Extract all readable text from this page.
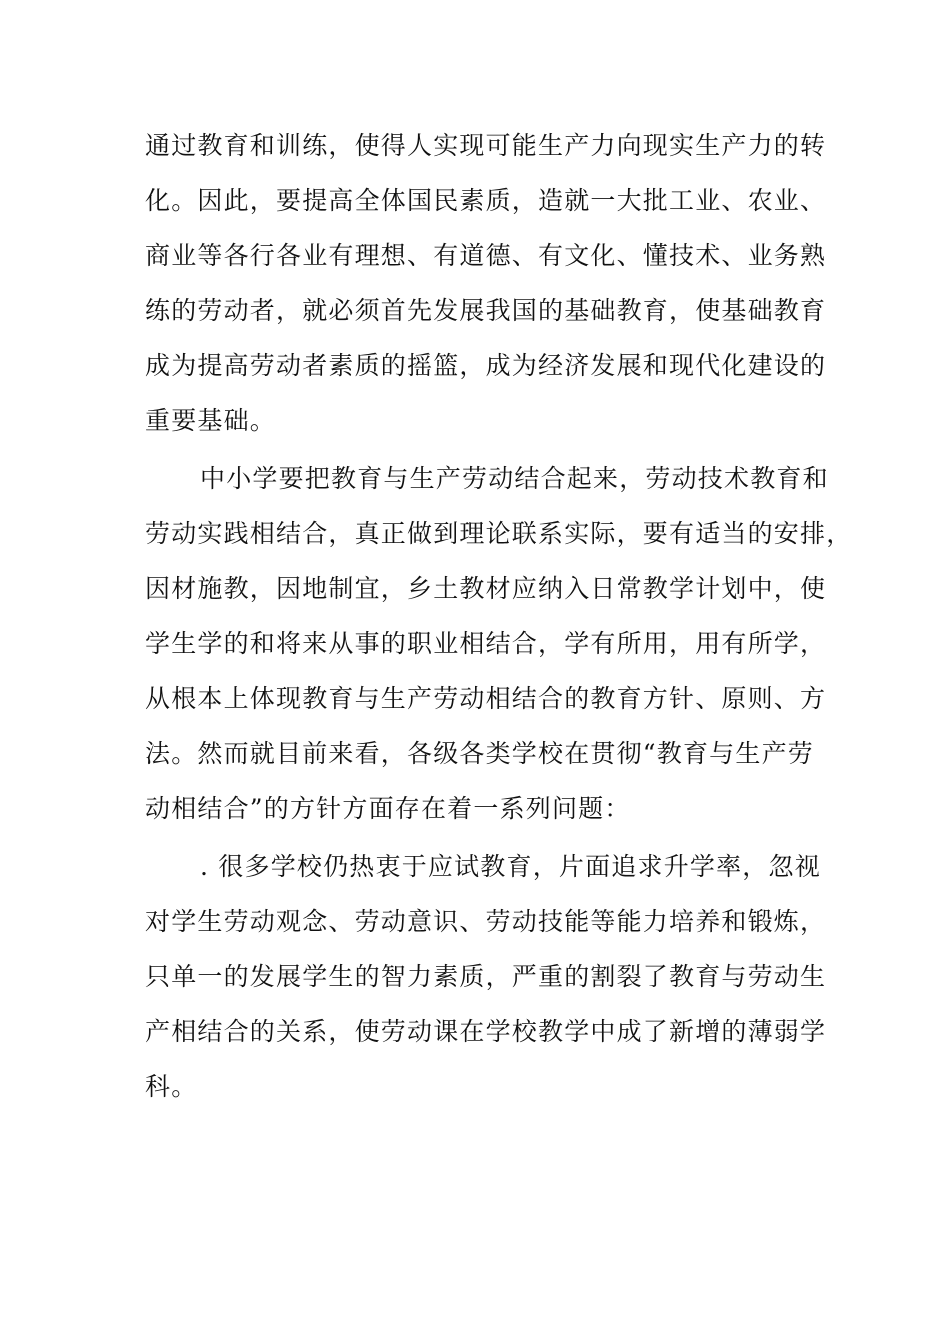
通过教育和训练，使得人实现可能生产力向现实生产力的转
化。因此，要提高全体国民素质，造就一大批工业、农业、
商业等各行各业有理想、有道德、有文化、懂技术、业务熟
练的劳动者，就必须首先发展我国的基础教育，使基础教育
成为提高劳动者素质的摇篮，成为经济发展和现代化建设的
重要基础。
中小学要把教育与生产劳动结合起来，劳动技术教育和
劳动实践相结合，真正做到理论联系实际，要有适当的安排，
因材施教，因地制宜，乡土教材应纳入日常教学计划中，使
学生学的和将来从事的职业相结合，学有所用，用有所学，
从根本上体现教育与生产劳动相结合的教育方针、原则、方
法。然而就目前来看，各级各类学校在贯彻“教育与生产劳
动相结合”的方针方面存在着一系列问题：
. 很多学校仍热衷于应试教育，片面追求升学率，忽视
对学生劳动观念、劳动意识、劳动技能等能力培养和锻炼，
只单一的发展学生的智力素质，严重的割裂了教育与劳动生
产相结合的关系，使劳动课在学校教学中成了新增的薄弱学
科。
